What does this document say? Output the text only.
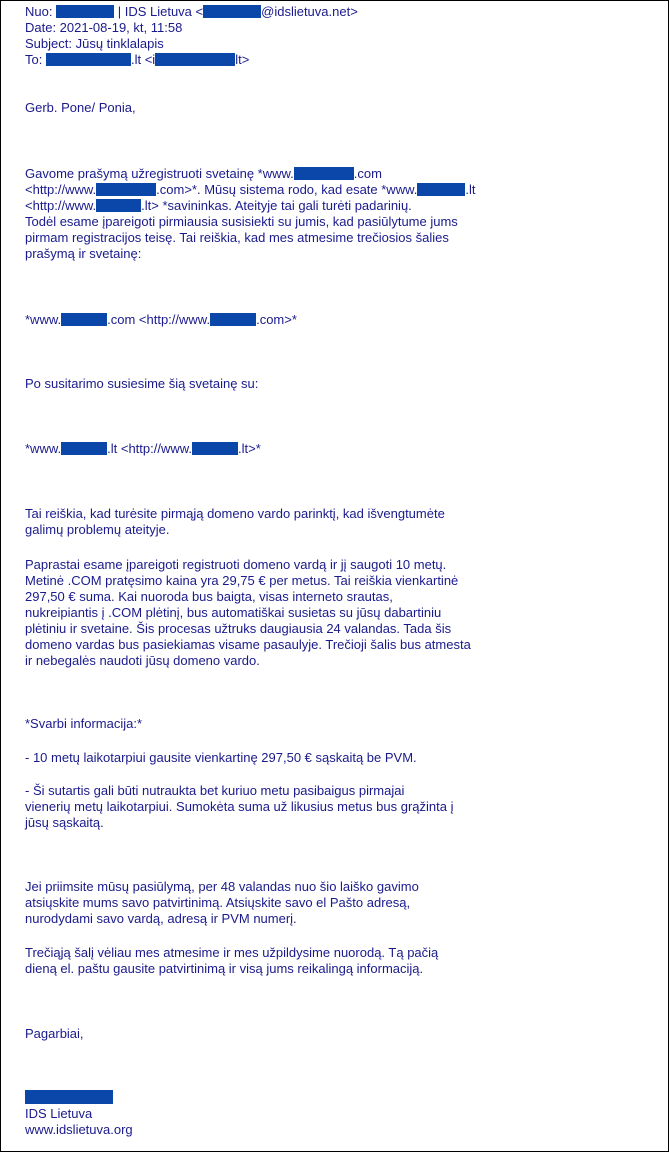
Nuo:	| IDS Lietuva <	@idslietuva.net>
Date: 2021-08-19, kt, 11:58
Subject: Jūsų tinklalapis
To:	.lt <i	lt>
Gerb. Pone/ Ponia,
Gavome prašymą užregistruoti svetainę *www.	.com
<http://www.	.com>*. Mūsų sistema rodo, kad esate *www.	.lt
<http://www.	.lt> *savininkas. Ateityje tai gali turėti padarinių.
Todėl esame įpareigoti pirmiausia susisiekti su jumis, kad pasiūlytume jums
pirmam registracijos teisę. Tai reiškia, kad mes atmesime trečiosios šalies
prašymą ir svetainę:
*www.	.com <http://www.	.com>*
Po susitarimo susiesime šią svetainę su:
*www.	.lt <http://www.	.lt>*
Tai reiškia, kad turėsite pirmąją domeno vardo parinktį, kad išvengtumėte
galimų problemų ateityje.
Paprastai esame įpareigoti registruoti domeno vardą ir jį saugoti 10 metų.
Metinė .COM pratęsimo kaina yra 29,75 € per metus. Tai reiškia vienkartinė
297,50 € suma. Kai nuoroda bus baigta, visas interneto srautas,
nukreipiantis į .COM plėtinį, bus automatiškai susietas su jūsų dabartiniu
plėtiniu ir svetaine. Šis procesas užtruks daugiausia 24 valandas. Tada šis
domeno vardas bus pasiekiamas visame pasaulyje. Trečioji šalis bus atmesta
ir nebegalės naudoti jūsų domeno vardo.
*Svarbi informacija:*
- 10 metų laikotarpiui gausite vienkartinę 297,50 € sąskaitą be PVM.
- Ši sutartis gali būti nutraukta bet kuriuo metu pasibaigus pirmajai
vienerių metų laikotarpiui. Sumokėta suma už likusius metus bus grąžinta į
jūsų sąskaitą.
Jei priimsite mūsų pasiūlymą, per 48 valandas nuo šio laiško gavimo
atsiųskite mums savo patvirtinimą. Atsiųskite savo el Pašto adresą,
nurodydami savo vardą, adresą ir PVM numerį.
Trečiąją šalį vėliau mes atmesime ir mes užpildysime nuorodą. Tą pačią
dieną el. paštu gausite patvirtinimą ir visą jums reikalingą informaciją.
Pagarbiai,
IDS Lietuva
www.idslietuva.org
